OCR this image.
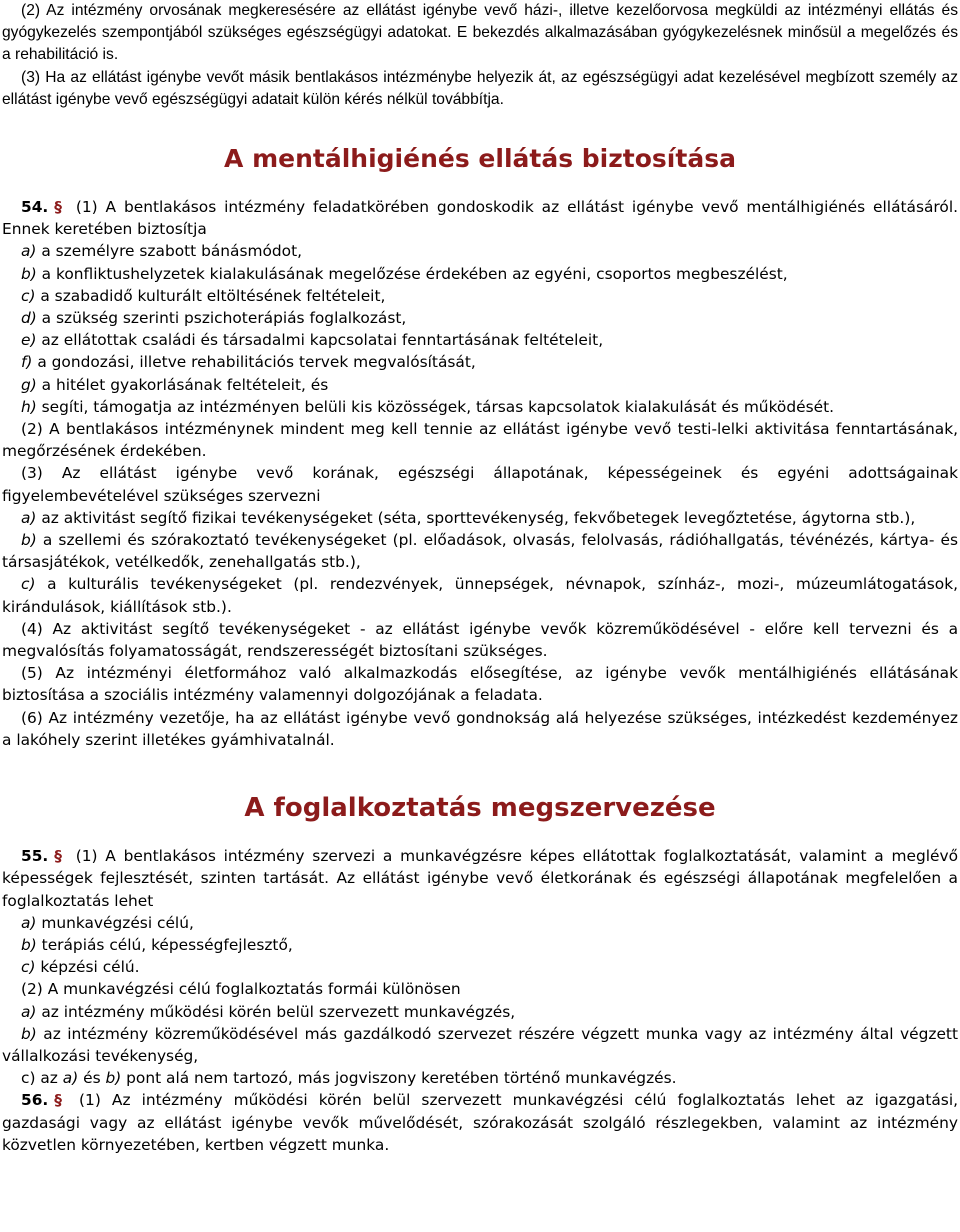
(2) Az intézmény orvosának megkeresésére az ellátást igénybe vevő házi-, illetve kezelőorvosa megküldi az intézményi ellátás és gyógykezelés szempontjából szükséges egészségügyi adatokat. E bekezdés alkalmazásában gyógykezelésnek minősül a megelőzés és a rehabilitáció is.

(3) Ha az ellátást igénybe vevőt másik bentlakásos intézménybe helyezik át, az egészségügyi adat kezelésével megbízott személy az ellátást igénybe vevő egészségügyi adatait külön kérés nélkül továbbítja.

A mentálhigiénés ellátás biztosítása

54. § (1) A bentlakásos intézmény feladatkörében gondoskodik az ellátást igénybe vevő mentálhigiénés ellátásáról. Ennek keretében biztosítja

a) a személyre szabott bánásmódot,

b) a konfliktushelyzetek kialakulásának megelőzése érdekében az egyéni, csoportos megbeszélést,

c) a szabadidő kulturált eltöltésének feltételeit,

d) a szükség szerinti pszichoterápiás foglalkozást,

e) az ellátottak családi és társadalmi kapcsolatai fenntartásának feltételeit,

f) a gondozási, illetve rehabilitációs tervek megvalósítását,

g) a hitélet gyakorlásának feltételeit, és

h) segíti, támogatja az intézményen belüli kis közösségek, társas kapcsolatok kialakulását és működését.

(2) A bentlakásos intézménynek mindent meg kell tennie az ellátást igénybe vevő testi-lelki aktivitása fenntartásának, megőrzésének érdekében.

(3) Az ellátást igénybe vevő korának, egészségi állapotának, képességeinek és egyéni adottságainak figyelembevételével szükséges szervezni

a) az aktivitást segítő fizikai tevékenységeket (séta, sporttevékenység, fekvőbetegek levegőztetése, ágytorna stb.),

b) a szellemi és szórakoztató tevékenységeket (pl. előadások, olvasás, felolvasás, rádióhallgatás, tévénézés, kártya- és társasjátékok, vetélkedők, zenehallgatás stb.),

c) a kulturális tevékenységeket (pl. rendezvények, ünnepségek, névnapok, színház-, mozi-, múzeumlátogatások, kirándulások, kiállítások stb.).

(4) Az aktivitást segítő tevékenységeket - az ellátást igénybe vevők közreműködésével - előre kell tervezni és a megvalósítás folyamatosságát, rendszerességét biztosítani szükséges.

(5) Az intézményi életformához való alkalmazkodás elősegítése, az igénybe vevők mentálhigiénés ellátásának biztosítása a szociális intézmény valamennyi dolgozójának a feladata.

(6) Az intézmény vezetője, ha az ellátást igénybe vevő gondnokság alá helyezése szükséges, intézkedést kezdeményez a lakóhely szerint illetékes gyámhivatalnál.

A foglalkoztatás megszervezése

55. § (1) A bentlakásos intézmény szervezi a munkavégzésre képes ellátottak foglalkoztatását, valamint a meglévő képességek fejlesztését, szinten tartását. Az ellátást igénybe vevő életkorának és egészségi állapotának megfelelően a foglalkoztatás lehet

a) munkavégzési célú,

b) terápiás célú, képességfejlesztő,

c) képzési célú.

(2) A munkavégzési célú foglalkoztatás formái különösen

a) az intézmény működési körén belül szervezett munkavégzés,

b) az intézmény közreműködésével más gazdálkodó szervezet részére végzett munka vagy az intézmény által végzett vállalkozási tevékenység,

c) az a) és b) pont alá nem tartozó, más jogviszony keretében történő munkavégzés.

56. § (1) Az intézmény működési körén belül szervezett munkavégzési célú foglalkoztatás lehet az igazgatási, gazdasági vagy az ellátást igénybe vevők művelődését, szórakozását szolgáló részlegekben, valamint az intézmény közvetlen környezetében, kertben végzett munka.
